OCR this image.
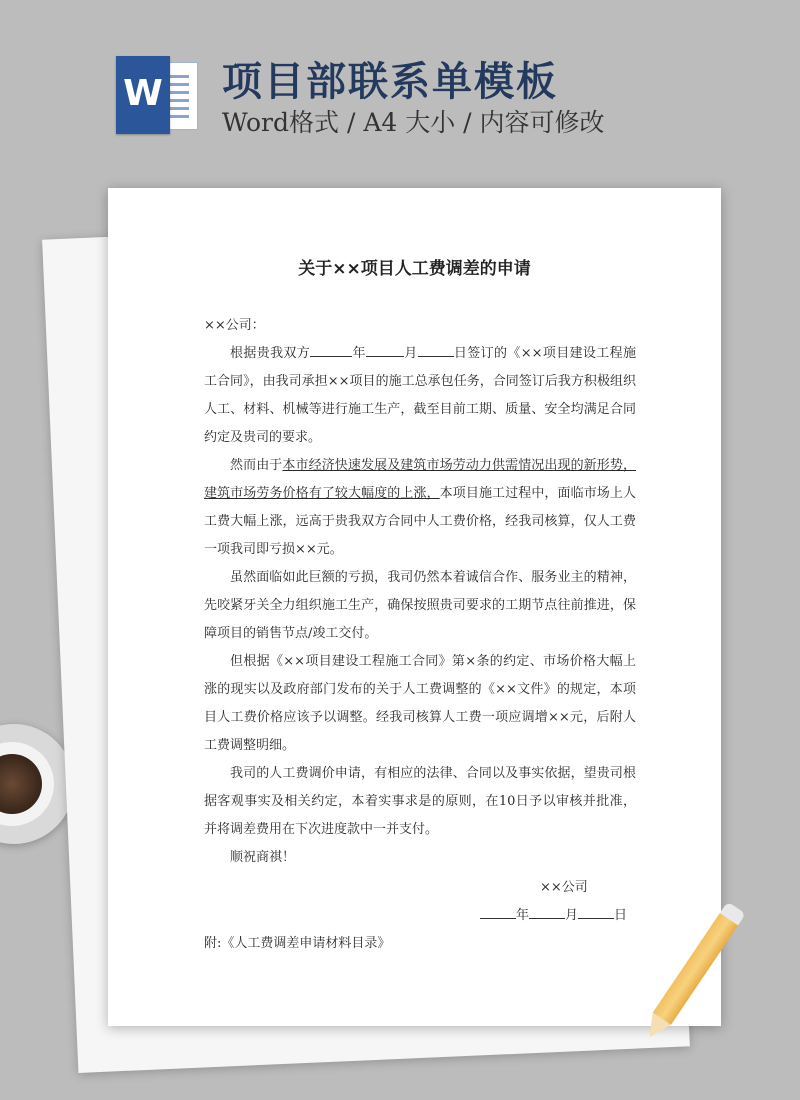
W 项目部联系单模板
Word格式 / A4 大小 / 内容可修改
关于××项目人工费调差的申请

××公司：

根据贵我双方	年	月	日签订的《××项目建设工程施工合同》，由我司承担××项目的施工总承包任务，合同签订后我方积极组织人工、材料、机械等进行施工生产，截至目前工期、质量、安全均满足合同约定及贵司的要求。

然而由于本市经济快速发展及建筑市场劳动力供需情况出现的新形势，建筑市场劳务价格有了较大幅度的上涨，本项目施工过程中，面临市场上人工费大幅上涨，远高于贵我双方合同中人工费价格，经我司核算，仅人工费一项我司即亏损××元。

虽然面临如此巨额的亏损，我司仍然本着诚信合作、服务业主的精神，先咬紧牙关全力组织施工生产，确保按照贵司要求的工期节点往前推进，保障项目的销售节点/竣工交付。

但根据《××项目建设工程施工合同》第×条的约定、市场价格大幅上涨的现实以及政府部门发布的关于人工费调整的《××文件》的规定，本项目人工费价格应该予以调整。经我司核算人工费一项应调增××元，后附人工费调整明细。

我司的人工费调价申请，有相应的法律、合同以及事实依据，望贵司根据客观事实及相关约定，本着实事求是的原则，在10日予以审核并批准，并将调差费用在下次进度款中一并支付。

顺祝商祺！

××公司
年	月	日
附:《人工费调差申请材料目录》
